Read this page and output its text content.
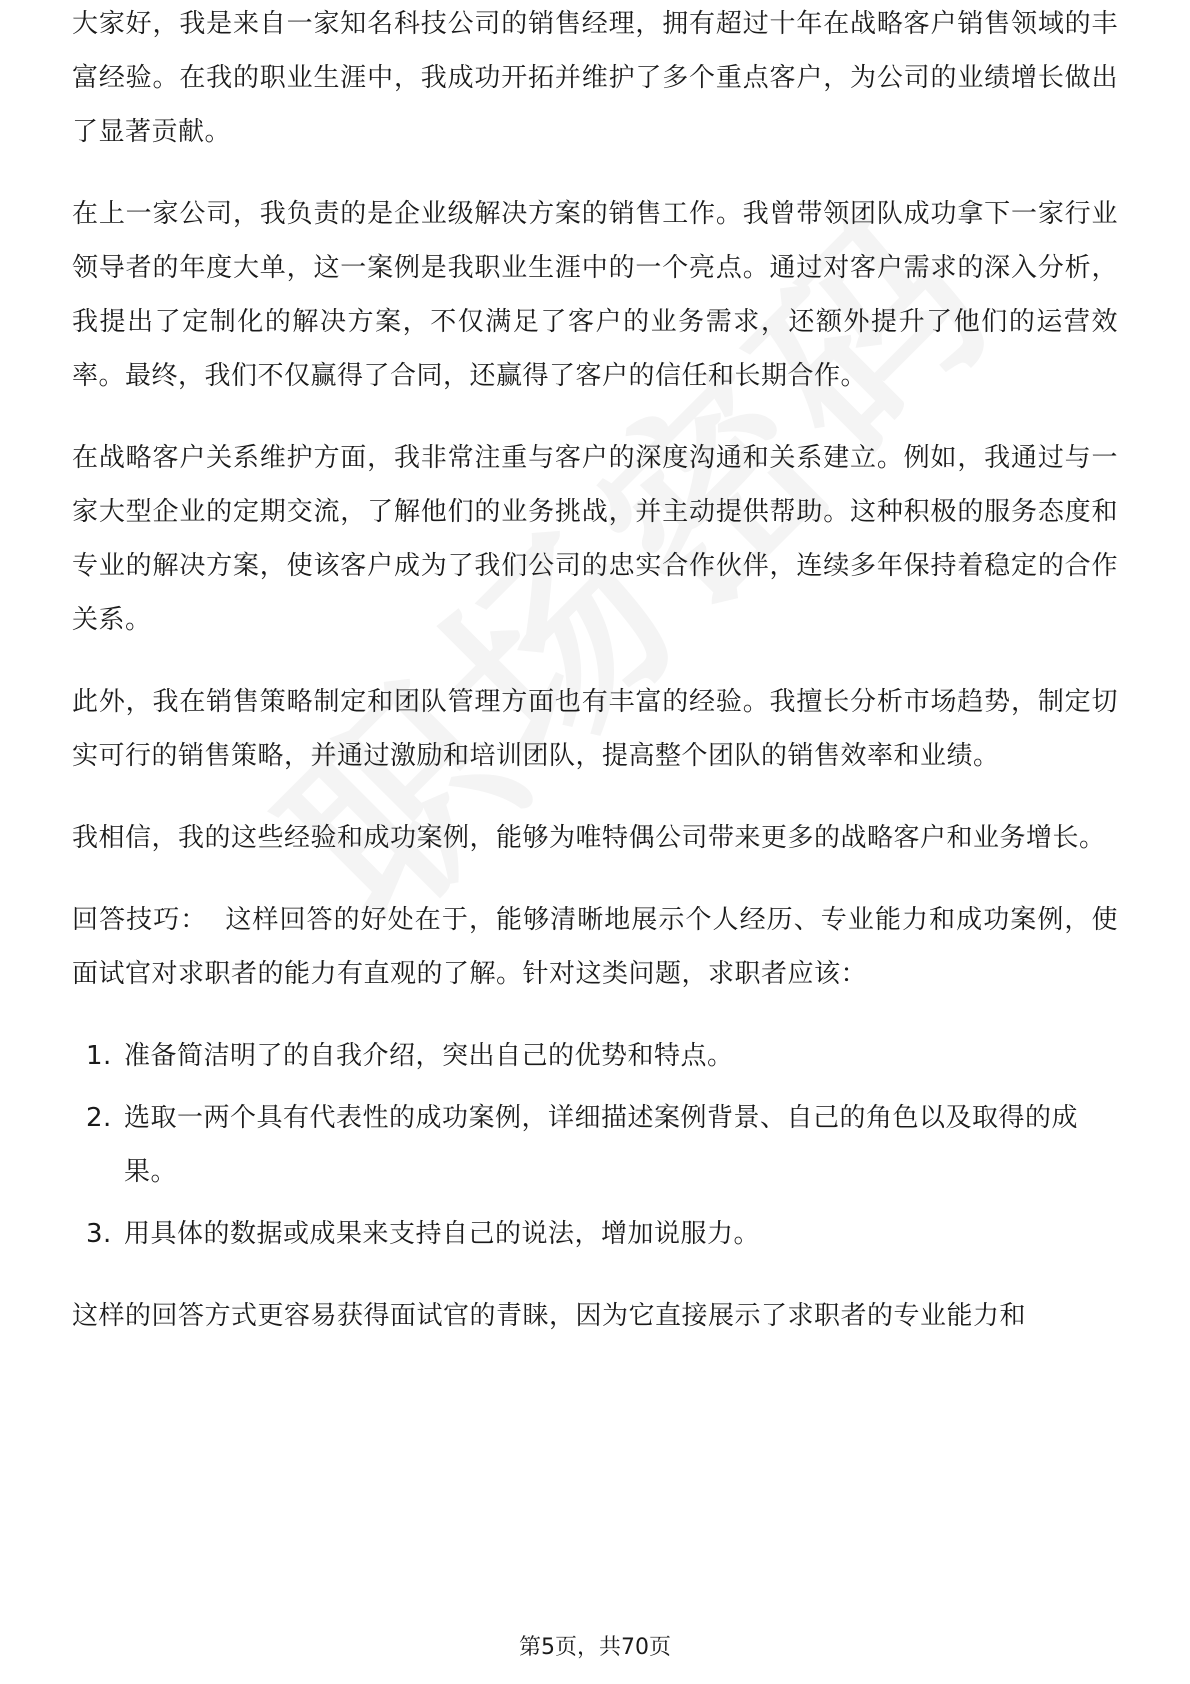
大家好，我是来自一家知名科技公司的销售经理，拥有超过十年在战略客户销售领域的丰富经验。在我的职业生涯中，我成功开拓并维护了多个重点客户，为公司的业绩增长做出了显著贡献。

在上一家公司，我负责的是企业级解决方案的销售工作。我曾带领团队成功拿下一家行业领导者的年度大单，这一案例是我职业生涯中的一个亮点。通过对客户需求的深入分析，我提出了定制化的解决方案，不仅满足了客户的业务需求，还额外提升了他们的运营效率。最终，我们不仅赢得了合同，还赢得了客户的信任和长期合作。

在战略客户关系维护方面，我非常注重与客户的深度沟通和关系建立。例如，我通过与一家大型企业的定期交流，了解他们的业务挑战，并主动提供帮助。这种积极的服务态度和专业的解决方案，使该客户成为了我们公司的忠实合作伙伴，连续多年保持着稳定的合作关系。

此外，我在销售策略制定和团队管理方面也有丰富的经验。我擅长分析市场趋势，制定切实可行的销售策略，并通过激励和培训团队，提高整个团队的销售效率和业绩。

我相信，我的这些经验和成功案例，能够为唯特偶公司带来更多的战略客户和业务增长。

回答技巧： 这样回答的好处在于，能够清晰地展示个人经历、专业能力和成功案例，使面试官对求职者的能力有直观的了解。针对这类问题，求职者应该：

1. 准备简洁明了的自我介绍，突出自己的优势和特点。
2. 选取一两个具有代表性的成功案例，详细描述案例背景、自己的角色以及取得的成果。
3. 用具体的数据或成果来支持自己的说法，增加说服力。

这样的回答方式更容易获得面试官的青睐，因为它直接展示了求职者的专业能力和

第5页，共70页
